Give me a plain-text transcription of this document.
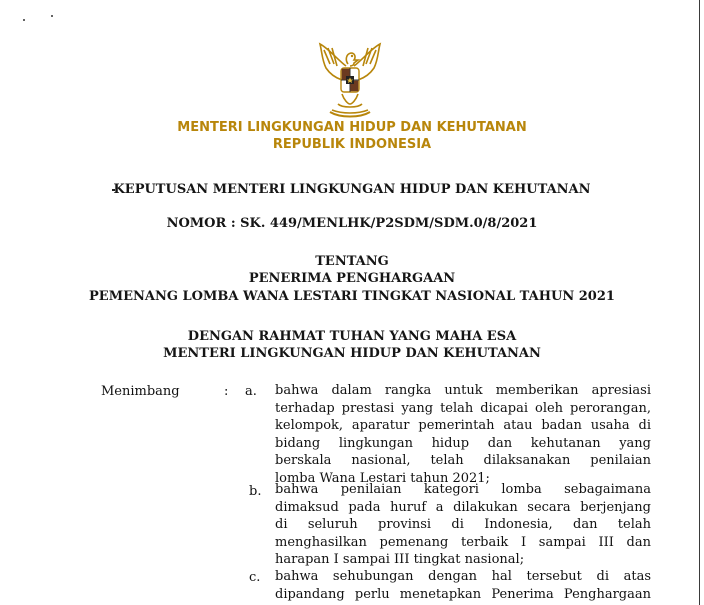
MENTERI LINGKUNGAN HIDUP DAN KEHUTANAN
REPUBLIK INDONESIA
KEPUTUSAN MENTERI LINGKUNGAN HIDUP DAN KEHUTANAN
NOMOR : SK. 449/MENLHK/P2SDM/SDM.0/8/2021
TENTANG
PENERIMA PENGHARGAAN
PEMENANG LOMBA WANA LESTARI TINGKAT NASIONAL TAHUN 2021
DENGAN RAHMAT TUHAN YANG MAHA ESA
MENTERI LINGKUNGAN HIDUP DAN KEHUTANAN
Menimbang	: a. bahwa dalam rangka untuk memberikan apresiasi
terhadap prestasi yang telah dicapai oleh perorangan,
kelompok, aparatur pemerintah atau badan usaha di
bidang lingkungan hidup dan kehutanan yang
berskala nasional, telah dilaksanakan penilaian
lomba Wana Lestari tahun 2021;
b. bahwa penilaian kategori lomba sebagaimana
dimaksud pada huruf a dilakukan secara berjenjang
di seluruh provinsi di Indonesia, dan telah
menghasilkan pemenang terbaik I sampai III dan
harapan I sampai III tingkat nasional;
c. bahwa sehubungan dengan hal tersebut di atas
dipandang perlu menetapkan Penerima Penghargaan
